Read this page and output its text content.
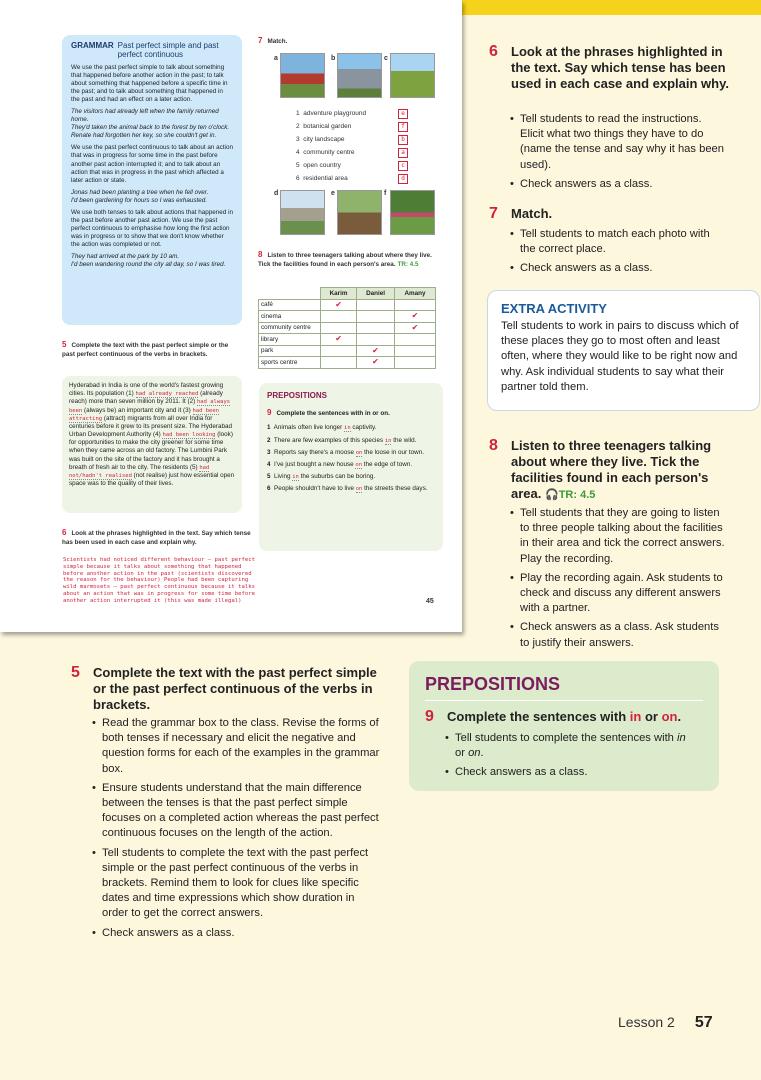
GRAMMAR Past perfect simple and past perfect continuous

We use the past perfect simple to talk about something that happened before another action in the past; to talk about something that happened before a specific time in the past; and to talk about something that happened in the past and had an effect on a later action.

The visitors had already left when the family returned home.

They'd taken the animal back to the forest by ten o'clock.

Renate had forgotten her key, so she couldn't get in.

We use the past perfect continuous to talk about an action that was in progress for some time in the past before another past action interrupted it; and to talk about an action that was in progress in the past which affected a later action or state.

Jonas had been planting a tree when he fell over.

I'd been gardening for hours so I was exhausted.

We use both tenses to talk about actions that happened in the past before another past action. We use the past perfect continuous to emphasise how long the first action was in progress or to show that we don't know whether the action was completed or not.

They had arrived at the park by 10 am.

I'd been wandering round the city all day, so I was tired.

5 Complete the text with the past perfect simple or the past perfect continuous of the verbs in brackets.

Hyderabad in India is one of the world's fastest growing cities. Its population (1) had already reached (already reach) more than seven million by 2011. It (2) had always been (always be) an important city and it (3) had been attracting (attract) migrants from all over India for centuries before it grew to its present size. The Hyderabad Urban Development Authority (4) had been looking (look) for opportunities to make the city greener for some time when they came across an old factory. The Lumbini Park was built on the site of the factory and it has brought a breath of fresh air to the city. The residents (5) had not/hadn't realised (not realise) just how essential open space was to the quality of their lives.

6 Look at the phrases highlighted in the text. Say which tense has been used in each case and explain why.
Scientists had noticed different behaviour – past perfect simple because it talks about something that happened before another action in the past (scientists discovered the reason for the behaviour) People had been capturing wild marmosets – past perfect continuous because it talks about an action that was in progress for some time before another action interrupted it (this was made illegal)
7 Match.
a	b	c
1 adventure playground	e
2 botanical garden	f
3 city landscape	b
4 community centre	a
5 open country	c
6 residential area	d
d	e	f
8 Listen to three teenagers talking about where they live. Tick the facilities found in each person's area. TR: 4.5
	Karim	Daniel	Amany
café	✔		
cinema			✔
community centre			✔
library	✔		
park		✔	
sports centre		✔	
PREPOSITIONS
9 Complete the sentences with in or on.
1 Animals often live longer in captivity.
2 There are few examples of this species in the wild.
3 Reports say there's a moose on the loose in our town.
4 I've just bought a new house on the edge of town.
5 Living in the suburbs can be boring.
6 People shouldn't have to live on the streets these days.
45
6 Look at the phrases highlighted in the text. Say which tense has been used in each case and explain why.
• Tell students to read the instructions. Elicit what two things they have to do (name the tense and say why it has been used).
• Check answers as a class.
7 Match.
• Tell students to match each photo with the correct place.
• Check answers as a class.
EXTRA ACTIVITY

Tell students to work in pairs to discuss which of these places they go to most often and least often, where they would like to be right now and why. Ask individual students to say what their partner told them.

8 Listen to three teenagers talking about where they live. Tick the facilities found in each person's area. 🎧TR: 4.5
• Tell students that they are going to listen to three people talking about the facilities in their area and tick the correct answers. Play the recording.
• Play the recording again. Ask students to check and discuss any different answers with a partner.
• Check answers as a class. Ask students to justify their answers.
5 Complete the text with the past perfect simple or the past perfect continuous of the verbs in brackets.
• Read the grammar box to the class. Revise the forms of both tenses if necessary and elicit the negative and question forms for each of the examples in the grammar box.
• Ensure students understand that the main difference between the tenses is that the past perfect simple focuses on a completed action whereas the past perfect continuous focuses on the length of the action.
• Tell students to complete the text with the past perfect simple or the past perfect continuous of the verbs in brackets. Remind them to look for clues like specific dates and time expressions which show duration in order to get the correct answers.
• Check answers as a class.
PREPOSITIONS
9 Complete the sentences with in or on.
• Tell students to complete the sentences with in
or on.
• Check answers as a class.
Lesson 2 57
